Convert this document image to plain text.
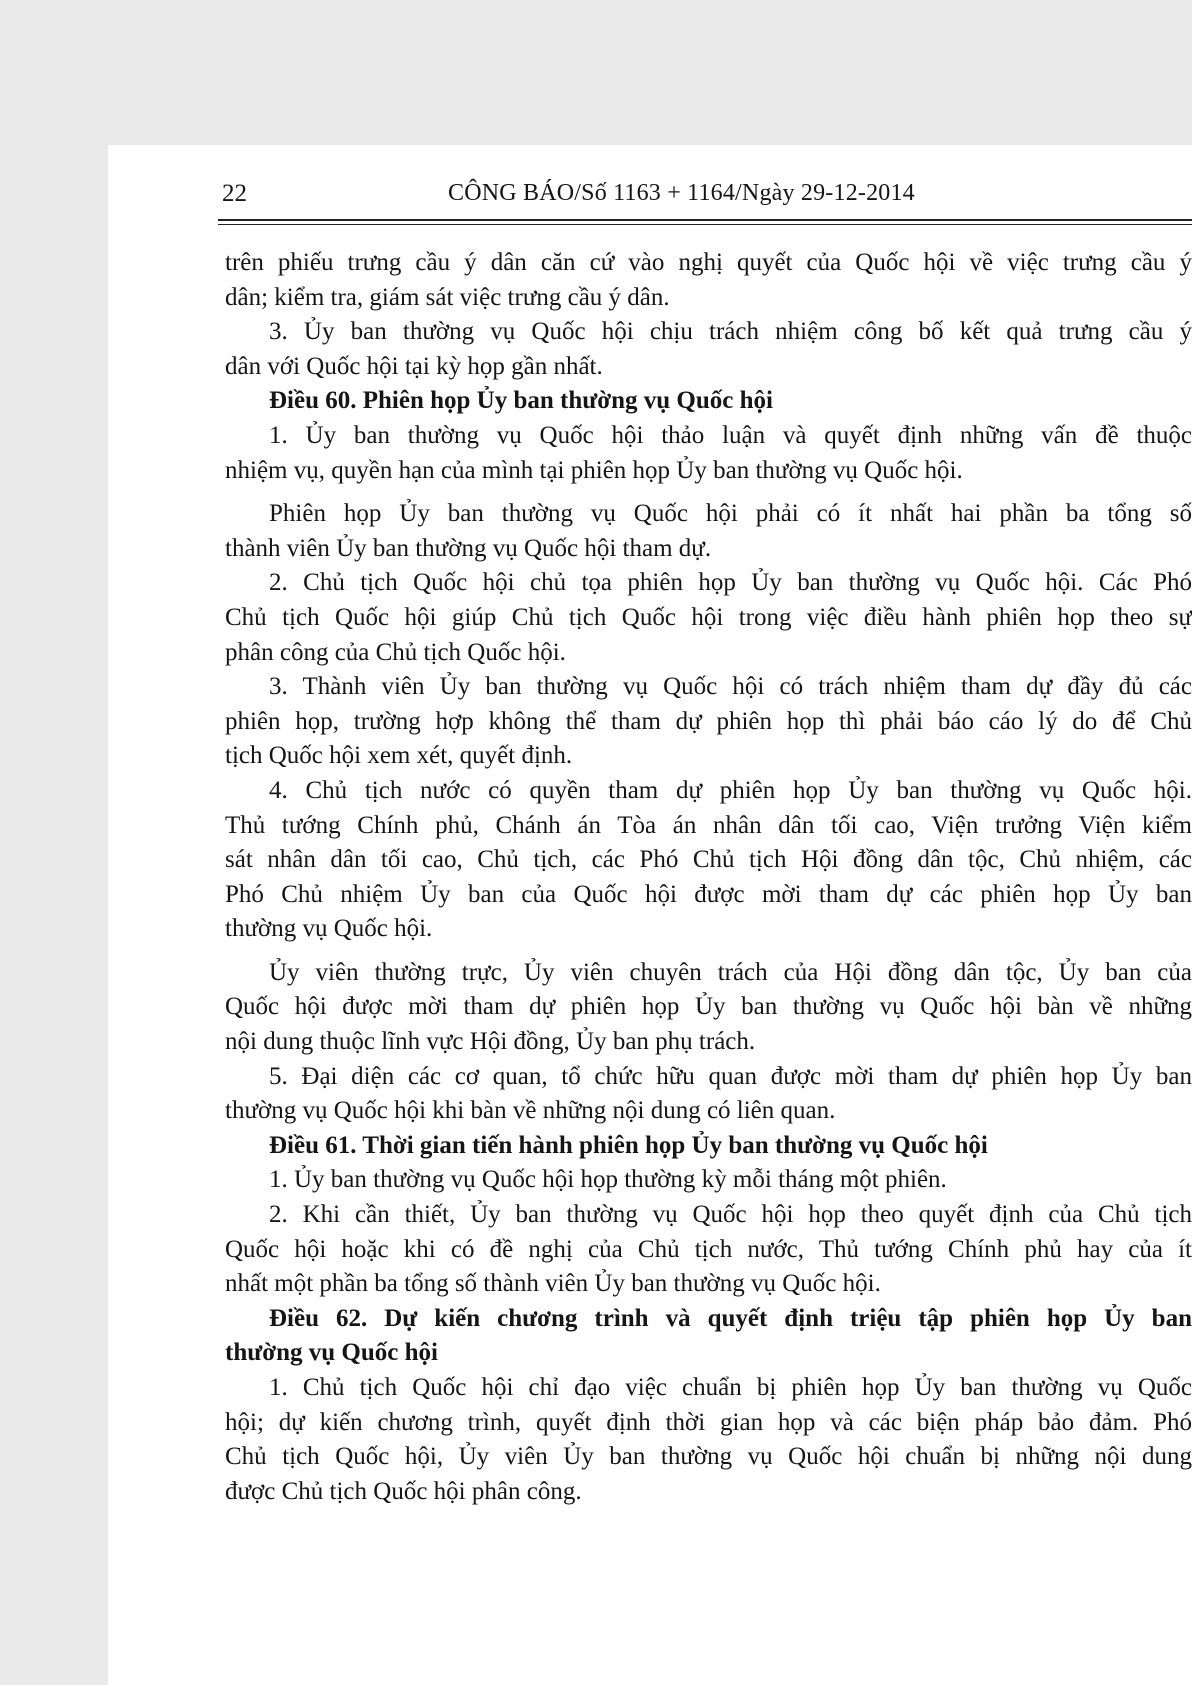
22	CÔNG BÁO/Số 1163 + 1164/Ngày 29-12-2014
trên phiếu trưng cầu ý dân căn cứ vào nghị quyết của Quốc hội về việc trưng cầu ý
dân; kiểm tra, giám sát việc trưng cầu ý dân.
3. Ủy ban thường vụ Quốc hội chịu trách nhiệm công bố kết quả trưng cầu ý
dân với Quốc hội tại kỳ họp gần nhất.
Điều 60. Phiên họp Ủy ban thường vụ Quốc hội
1. Ủy ban thường vụ Quốc hội thảo luận và quyết định những vấn đề thuộc
nhiệm vụ, quyền hạn của mình tại phiên họp Ủy ban thường vụ Quốc hội.
Phiên họp Ủy ban thường vụ Quốc hội phải có ít nhất hai phần ba tổng số
thành viên Ủy ban thường vụ Quốc hội tham dự.
2. Chủ tịch Quốc hội chủ tọa phiên họp Ủy ban thường vụ Quốc hội. Các Phó
Chủ tịch Quốc hội giúp Chủ tịch Quốc hội trong việc điều hành phiên họp theo sự
phân công của Chủ tịch Quốc hội.
3. Thành viên Ủy ban thường vụ Quốc hội có trách nhiệm tham dự đầy đủ các
phiên họp, trường hợp không thể tham dự phiên họp thì phải báo cáo lý do để Chủ
tịch Quốc hội xem xét, quyết định.
4. Chủ tịch nước có quyền tham dự phiên họp Ủy ban thường vụ Quốc hội.
Thủ tướng Chính phủ, Chánh án Tòa án nhân dân tối cao, Viện trưởng Viện kiểm
sát nhân dân tối cao, Chủ tịch, các Phó Chủ tịch Hội đồng dân tộc, Chủ nhiệm, các
Phó Chủ nhiệm Ủy ban của Quốc hội được mời tham dự các phiên họp Ủy ban
thường vụ Quốc hội.
Ủy viên thường trực, Ủy viên chuyên trách của Hội đồng dân tộc, Ủy ban của
Quốc hội được mời tham dự phiên họp Ủy ban thường vụ Quốc hội bàn về những
nội dung thuộc lĩnh vực Hội đồng, Ủy ban phụ trách.
5. Đại diện các cơ quan, tổ chức hữu quan được mời tham dự phiên họp Ủy ban
thường vụ Quốc hội khi bàn về những nội dung có liên quan.
Điều 61. Thời gian tiến hành phiên họp Ủy ban thường vụ Quốc hội
1. Ủy ban thường vụ Quốc hội họp thường kỳ mỗi tháng một phiên.
2. Khi cần thiết, Ủy ban thường vụ Quốc hội họp theo quyết định của Chủ tịch
Quốc hội hoặc khi có đề nghị của Chủ tịch nước, Thủ tướng Chính phủ hay của ít
nhất một phần ba tổng số thành viên Ủy ban thường vụ Quốc hội.
Điều 62. Dự kiến chương trình và quyết định triệu tập phiên họp Ủy ban
thường vụ Quốc hội
1. Chủ tịch Quốc hội chỉ đạo việc chuẩn bị phiên họp Ủy ban thường vụ Quốc
hội; dự kiến chương trình, quyết định thời gian họp và các biện pháp bảo đảm. Phó
Chủ tịch Quốc hội, Ủy viên Ủy ban thường vụ Quốc hội chuẩn bị những nội dung
được Chủ tịch Quốc hội phân công.
